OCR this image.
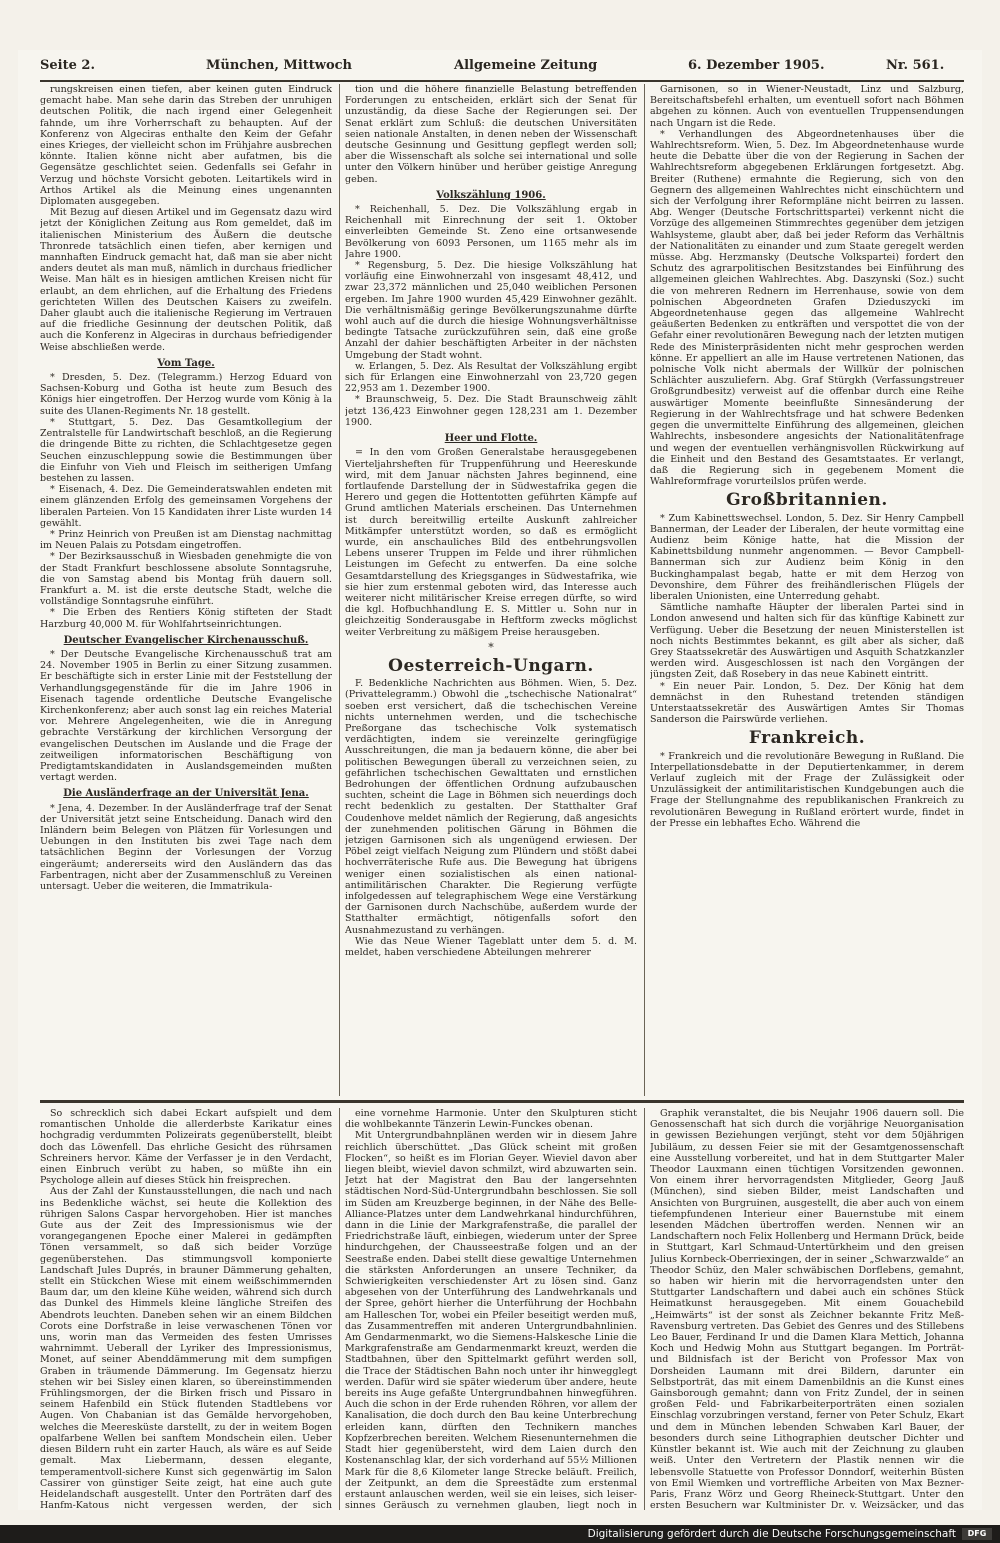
Seite 2.	München, Mittwoch	Allgemeine Zeitung	6. Dezember 1905.	Nr. 561.

rungskreisen einen tiefen, aber keinen guten Eindruck gemacht habe. Man sehe darin das Streben der unruhigen deutschen Politik, die nach irgend einer Gelegenheit fahnde, um ihre Vorherrschaft zu behaupten. Auf der Konferenz von Algeciras enthalte den Keim der Gefahr eines Krieges, der vielleicht schon im Frühjahre ausbrechen könnte. Italien könne nicht aber aufatmen, bis die Gegensätze geschlichtet seien. Gedenfalls sei Gefahr in Verzug und höchste Vorsicht geboten. Leitartikels wird in Arthos Artikel als die Meinung eines ungenannten Diplomaten ausgegeben.

Mit Bezug auf diesen Artikel und im Gegensatz dazu wird jetzt der Königlichen Zeitung aus Rom gemeldet, daß im italienischen Ministerium des Äußern die deutsche Thronrede tatsächlich einen tiefen, aber kernigen und mannhaften Eindruck gemacht hat, daß man sie aber nicht anders deutet als man muß, nämlich in durchaus friedlicher Weise. Man hält es in hiesigen amtlichen Kreisen nicht für erlaubt, an dem ehrlichen, auf die Erhaltung des Friedens gerichteten Willen des Deutschen Kaisers zu zweifeln. Daher glaubt auch die italienische Regierung im Vertrauen auf die friedliche Gesinnung der deutschen Politik, daß auch die Konferenz in Algeciras in durchaus befriedigender Weise abschließen werde.

Vom Tage.

* Dresden, 5. Dez. (Telegramm.) Herzog Eduard von Sachsen-Koburg und Gotha ist heute zum Besuch des Königs hier eingetroffen. Der Herzog wurde vom König à la suite des Ulanen-Regiments Nr. 18 gestellt.

* Stuttgart, 5. Dez. Das Gesamtkollegium der Zentralstelle für Landwirtschaft beschloß, an die Regierung die dringende Bitte zu richten, die Schlachtgesetze gegen Seuchen einzuschleppung sowie die Bestimmungen über die Einfuhr von Vieh und Fleisch im seitherigen Umfang bestehen zu lassen.

* Eisenach, 4. Dez. Die Gemeinderatswahlen endeten mit einem glänzenden Erfolg des gemeinsamen Vorgehens der liberalen Parteien. Von 15 Kandidaten ihrer Liste wurden 14 gewählt.

* Prinz Heinrich von Preußen ist am Dienstag nachmittag im Neuen Palais zu Potsdam eingetroffen.

* Der Bezirksausschuß in Wiesbaden genehmigte die von der Stadt Frankfurt beschlossene absolute Sonntagsruhe, die von Samstag abend bis Montag früh dauern soll. Frankfurt a. M. ist die erste deutsche Stadt, welche die vollständige Sonntagsruhe einführt.

* Die Erben des Rentiers König stifteten der Stadt Harzburg 40,000 M. für Wohlfahrtseinrichtungen.

Deutscher Evangelischer Kirchenausschuß.

* Der Deutsche Evangelische Kirchenausschuß trat am 24. November 1905 in Berlin zu einer Sitzung zusammen. Er beschäftigte sich in erster Linie mit der Feststellung der Verhandlungsgegenstände für die im Jahre 1906 in Eisenach tagende ordentliche Deutsche Evangelische Kirchenkonferenz; aber auch sonst lag ein reiches Material vor. Mehrere Angelegenheiten, wie die in Anregung gebrachte Verstärkung der kirchlichen Versorgung der evangelischen Deutschen im Auslande und die Frage der zeitweiligen informatorischen Beschäftigung von Predigtamtskandidaten in Auslandsgemeinden mußten vertagt werden.

Die Ausländerfrage an der Universität Jena.

* Jena, 4. Dezember. In der Ausländerfrage traf der Senat der Universität jetzt seine Entscheidung. Danach wird den Inländern beim Belegen von Plätzen für Vorlesungen und Uebungen in den Instituten bis zwei Tage nach dem tatsächlichen Beginn der Vorlesungen der Vorzug eingeräumt; andererseits wird den Ausländern das das Farbentragen, nicht aber der Zusammenschluß zu Vereinen untersagt. Ueber die weiteren, die Immatrikula-

tion und die höhere finanzielle Belastung betreffenden Forderungen zu entscheiden, erklärt sich der Senat für unzuständig, da diese Sache der Regierungen sei. Der Senat erklärt zum Schluß: die deutschen Universitäten seien nationale Anstalten, in denen neben der Wissenschaft deutsche Gesinnung und Gesittung gepflegt werden soll; aber die Wissenschaft als solche sei international und solle unter den Völkern hinüber und herüber geistige Anregung geben.

Volkszählung 1906.

* Reichenhall, 5. Dez. Die Volkszählung ergab in Reichenhall mit Einrechnung der seit 1. Oktober einverleibten Gemeinde St. Zeno eine ortsanwesende Bevölkerung von 6093 Personen, um 1165 mehr als im Jahre 1900.

* Regensburg, 5. Dez. Die hiesige Volkszählung hat vorläufig eine Einwohnerzahl von insgesamt 48,412, und zwar 23,372 männlichen und 25,040 weiblichen Personen ergeben. Im Jahre 1900 wurden 45,429 Einwohner gezählt. Die verhältnismäßig geringe Bevölkerungszunahme dürfte wohl auch auf die durch die hiesige Wohnungsverhältnisse bedingte Tatsache zurückzuführen sein, daß eine große Anzahl der dahier beschäftigten Arbeiter in der nächsten Umgebung der Stadt wohnt.

w. Erlangen, 5. Dez. Als Resultat der Volkszählung ergibt sich für Erlangen eine Einwohnerzahl von 23,720 gegen 22,953 am 1. Dezember 1900.

* Braunschweig, 5. Dez. Die Stadt Braunschweig zählt jetzt 136,423 Einwohner gegen 128,231 am 1. Dezember 1900.

Heer und Flotte.

= In den vom Großen Generalstabe herausgegebenen Vierteljahrsheften für Truppenführung und Heereskunde wird, mit dem Januar nächsten Jahres beginnend, eine fortlaufende Darstellung der in Südwestafrika gegen die Herero und gegen die Hottentotten geführten Kämpfe auf Grund amtlichen Materials erscheinen. Das Unternehmen ist durch bereitwillig erteilte Auskunft zahlreicher Mitkämpfer unterstützt worden, so daß es ermöglicht wurde, ein anschauliches Bild des entbehrungsvollen Lebens unserer Truppen im Felde und ihrer rühmlichen Leistungen im Gefecht zu entwerfen. Da eine solche Gesamtdarstellung des Kriegsganges in Südwestafrika, wie sie hier zum erstenmal geboten wird, das Interesse auch weiterer nicht militärischer Kreise erregen dürfte, so wird die kgl. Hofbuchhandlung E. S. Mittler u. Sohn nur in gleichzeitig Sonderausgabe in Heftform zwecks möglichst weiter Verbreitung zu mäßigem Preise herausgeben.

*
Oesterreich-Ungarn.

F. Bedenkliche Nachrichten aus Böhmen. Wien, 5. Dez. (Privattelegramm.) Obwohl die „tschechische Nationalrat“ soeben erst versichert, daß die tschechischen Vereine nichts unternehmen werden, und die tschechische Preßorgane das tschechische Volk systematisch verdächtigten, indem sie vereinzelte geringfügige Ausschreitungen, die man ja bedauern könne, die aber bei politischen Bewegungen überall zu verzeichnen seien, zu gefährlichen tschechischen Gewalttaten und ernstlichen Bedrohungen der öffentlichen Ordnung aufzubauschen suchten, scheint die Lage in Böhmen sich neuerdings doch recht bedenklich zu gestalten. Der Statthalter Graf Coudenhove meldet nämlich der Regierung, daß angesichts der zunehmenden politischen Gärung in Böhmen die jetzigen Garnisonen sich als ungenügend erwiesen. Der Pöbel zeigt vielfach Neigung zum Plündern und stößt dabei hochverräterische Rufe aus. Die Bewegung hat übrigens weniger einen sozialistischen als einen national-antimilitärischen Charakter. Die Regierung verfügte infolgedessen auf telegraphischem Wege eine Verstärkung der Garnisonen durch Nachschübe, außerdem wurde der Statthalter ermächtigt, nötigenfalls sofort den Ausnahmezustand zu verhängen.

Wie das Neue Wiener Tageblatt unter dem 5. d. M. meldet, haben verschiedene Abteilungen mehrerer

Garnisonen, so in Wiener-Neustadt, Linz und Salzburg, Bereitschaftsbefehl erhalten, um eventuell sofort nach Böhmen abgehen zu können. Auch von eventuellen Truppensendungen nach Ungarn ist die Rede.

* Verhandlungen des Abgeordnetenhauses über die Wahlrechtsreform. Wien, 5. Dez. Im Abgeordnetenhause wurde heute die Debatte über die von der Regierung in Sachen der Wahlrechtsreform abgegebenen Erklärungen fortgesetzt. Abg. Breiter (Ruthene) ermahnte die Regierung, sich von den Gegnern des allgemeinen Wahlrechtes nicht einschüchtern und sich der Verfolgung ihrer Reformpläne nicht beirren zu lassen. Abg. Wenger (Deutsche Fortschrittspartei) verkennt nicht die Vorzüge des allgemeinen Stimmrechtes gegenüber dem jetzigen Wahlsysteme, glaubt aber, daß bei jeder Reform das Verhältnis der Nationalitäten zu einander und zum Staate geregelt werden müsse. Abg. Herzmansky (Deutsche Volkspartei) fordert den Schutz des agrarpolitischen Besitzstandes bei Einführung des allgemeinen gleichen Wahlrechtes. Abg. Daszynski (Soz.) sucht die von mehreren Rednern im Herrenhause, sowie von dem polnischen Abgeordneten Grafen Dzieduszycki im Abgeordnetenhause gegen das allgemeine Wahlrecht geäußerten Bedenken zu entkräften und verspottet die von der Gefahr einer revolutionären Bewegung nach der letzten mutigen Rede des Ministerpräsidenten nicht mehr gesprochen werden könne. Er appelliert an alle im Hause vertretenen Nationen, das polnische Volk nicht abermals der Willkür der polnischen Schlächter auszuliefern. Abg. Graf Stürgkh (Verfassungstreuer Großgrundbesitz) verweist auf die offenbar durch eine Reihe auswärtiger Momente beeinflußte Sinnesänderung der Regierung in der Wahlrechtsfrage und hat schwere Bedenken gegen die unvermittelte Einführung des allgemeinen, gleichen Wahlrechts, insbesondere angesichts der Nationalitätenfrage und wegen der eventuellen verhängnisvollen Rückwirkung auf die Einheit und den Bestand des Gesamtstaates. Er verlangt, daß die Regierung sich in gegebenem Moment die Wahlreformfrage vorurteilslos prüfen werde.

Großbritannien.

* Zum Kabinettswechsel. London, 5. Dez. Sir Henry Campbell Bannerman, der Leader der Liberalen, der heute vormittag eine Audienz beim Könige hatte, hat die Mission der Kabinettsbildung nunmehr angenommen. — Bevor Campbell-Bannerman sich zur Audienz beim König in den Buckinghampalast begab, hatte er mit dem Herzog von Devonshire, dem Führer des freihändlerischen Flügels der liberalen Unionisten, eine Unterredung gehabt.

Sämtliche namhafte Häupter der liberalen Partei sind in London anwesend und halten sich für das künftige Kabinett zur Verfügung. Ueber die Besetzung der neuen Ministerstellen ist noch nichts Bestimmtes bekannt, es gilt aber als sicher, daß Grey Staatssekretär des Auswärtigen und Asquith Schatzkanzler werden wird. Ausgeschlossen ist nach den Vorgängen der jüngsten Zeit, daß Rosebery in das neue Kabinett eintritt.

* Ein neuer Pair. London, 5. Dez. Der König hat dem demnächst in den Ruhestand tretenden ständigen Unterstaatssekretär des Auswärtigen Amtes Sir Thomas Sanderson die Pairswürde verliehen.

Frankreich.

* Frankreich und die revolutionäre Bewegung in Rußland. Die Interpellationsdebatte in der Deputiertenkammer, in derem Verlauf zugleich mit der Frage der Zulässigkeit oder Unzulässigkeit der antimilitaristischen Kundgebungen auch die Frage der Stellungnahme des republikanischen Frankreich zu revolutionären Bewegung in Rußland erörtert wurde, findet in der Presse ein lebhaftes Echo. Während die

So schrecklich sich dabei Eckart aufspielt und dem romantischen Unholde die allerderbste Karikatur eines hochgradig verdummten Polizeirats gegenüberstellt, bleibt doch das Löwenfell. Das ehrliche Gesicht des rührsamen Schreiners hervor. Käme der Verfasser je in den Verdacht, einen Einbruch verübt zu haben, so müßte ihn ein Psychologe allein auf dieses Stück hin freisprechen.

Aus der Zahl der Kunstausstellungen, die nach und nach ins Bedenkliche wächst, sei heute die Kollektion des rührigen Salons Caspar hervorgehoben. Hier ist manches Gute aus der Zeit des Impressionismus wie der vorangegangenen Epoche einer Malerei in gedämpften Tönen versammelt, so daß sich beider Vorzüge gegenüberstehen. Das stimmungsvoll komponierte Landschaft Jules Duprés, in brauner Dämmerung gehalten, stellt ein Stückchen Wiese mit einem weißschimmernden Baum dar, um den kleine Kühe weiden, während sich durch das Dunkel des Himmels kleine längliche Streifen des Abendrots leuchten. Daneben sehen wir an einem Bildchen Corots eine Dorfstraße in leise verwaschenen Tönen vor uns, worin man das Vermeiden des festen Umrisses wahrnimmt. Ueberall der Lyriker des Impressionismus, Monet, auf seiner Abenddämmerung mit dem sumpfigen Graben in träumende Dämmerung. Im Gegensatz hierzu stehen wir bei Sisley einen klaren, so übereinstimmenden Frühlingsmorgen, der die Birken frisch und Pissaro in seinem Hafenbild ein Stück flutenden Stadtlebens vor Augen. Von Chabanian ist das Gemälde hervorgehoben, welches die Meeresküste darstellt, zu der in weitem Bogen opalfarbene Wellen bei sanftem Mondschein eilen. Ueber diesen Bildern ruht ein zarter Hauch, als wäre es auf Seide gemalt. Max Liebermann, dessen elegante, temperamentvoll-sichere Kunst sich gegenwärtig im Salon Cassirer von günstiger Seite zeigt, hat eine auch gute Heidelandschaft ausgestellt. Unter den Porträten darf des Hanfm-Katous nicht vergessen werden, der sich

eine vornehme Harmonie. Unter den Skulpturen sticht die wohlbekannte Tänzerin Lewin-Funckes obenan.

Mit Untergrundbahnplänen werden wir in diesem Jahre reichlich überschüttet. „Das Glück scheint mit großen Flocken“, so heißt es im Florian Geyer. Wieviel davon aber liegen bleibt, wieviel davon schmilzt, wird abzuwarten sein. Jetzt hat der Magistrat den Bau der langersehnten städtischen Nord-Süd-Untergrundbahn beschlossen. Sie soll im Süden am Kreuzberge beginnen, in der Nähe des Belle-Alliance-Platzes unter dem Landwehrkanal hindurchführen, dann in die Linie der Markgrafenstraße, die parallel der Friedrichstraße läuft, einbiegen, wiederum unter der Spree hindurchgehen, der Chausseestraße folgen und an der Seestraße enden. Dabei stellt diese gewaltige Unternehmen die stärksten Anforderungen an unsere Techniker, da Schwierigkeiten verschiedenster Art zu lösen sind. Ganz abgesehen von der Unterführung des Landwehrkanals und der Spree, gehört hierher die Unterführung der Hochbahn am Halleschen Tor, wobei ein Pfeiler beseitigt werden muß, das Zusammentreffen mit anderen Untergrundbahnlinien. Am Gendarmenmarkt, wo die Siemens-Halskesche Linie die Markgrafenstraße am Gendarmenmarkt kreuzt, werden die Stadtbahnen, über den Spittelmarkt geführt werden soll, die Trace der Städtischen Bahn noch unter ihr hinwegglegt werden. Dafür wird sie später wiederum über andere, heute bereits ins Auge gefaßte Untergrundbahnen hinwegführen. Auch die schon in der Erde ruhenden Röhren, vor allem der Kanalisation, die doch durch den Bau keine Unterbrechung erleiden kann, dürften den Technikern manches Kopfzerbrechen bereiten. Welchem Riesenunternehmen die Stadt hier gegenübersteht, wird dem Laien durch den Kostenanschlag klar, der sich vorderhand auf 55½ Millionen Mark für die 8,6 Kilometer lange Strecke beläuft. Freilich, der Zeitpunkt, an dem die Spreestädte zum erstenmal erstaunt anlauschen werden, weil sie ein leises, sich leiser-sinnes Geräusch zu vernehmen glauben, liegt noch in

Graphik veranstaltet, die bis Neujahr 1906 dauern soll. Die Genossenschaft hat sich durch die vorjährige Neuorganisation in gewissen Beziehungen verjüngt, steht vor dem 50jährigen Jubiläum, zu dessen Feier sie mit der Gesamtgenossenschaft eine Ausstellung vorbereitet, und hat in dem Stuttgarter Maler Theodor Lauxmann einen tüchtigen Vorsitzenden gewonnen. Von einem ihrer hervorragendsten Mitglieder, Georg Jauß (München), sind sieben Bilder, meist Landschaften und Ansichten von Burgruinen, ausgestellt, die aber auch von einem tiefempfundenen Interieur einer Bauernstube mit einem lesenden Mädchen übertroffen werden. Nennen wir an Landschaftern noch Felix Hollenberg und Hermann Drück, beide in Stuttgart, Karl Schmaud-Untertürkheim und den greisen Julius Kornbeck-Oberriexingen, der in seiner „Schwarzwalde“ an Theodor Schüz, den Maler schwäbischen Dorflebens, gemahnt, so haben wir hierin mit die hervorragendsten unter den Stuttgarter Landschaftern und dabei auch ein schönes Stück Heimatkunst herausgegeben. Mit einem Gouachebild „Heimwärts“ ist der sonst als Zeichner bekannte Fritz Meß-Ravensburg vertreten. Das Gebiet des Genres und des Stillebens Leo Bauer, Ferdinand Ir und die Damen Klara Mettich, Johanna Koch und Hedwig Mohn aus Stuttgart begangen. Im Porträt- und Bildnisfach ist der Bericht von Professor Max von Dorsheiden Laumann mit drei Bildern, darunter ein Selbstporträt, das mit einem Damenbildnis an die Kunst eines Gainsborough gemahnt; dann von Fritz Zundel, der in seinen großen Feld- und Fabrikarbeiterporträten einen sozialen Einschlag vorzubringen verstand, ferner von Peter Schulz, Ekart und dem in München lebenden Schwaben Karl Bauer, der besonders durch seine Lithographien deutscher Dichter und Künstler bekannt ist. Wie auch mit der Zeichnung zu glauben weiß. Unter den Vertretern der Plastik nennen wir die lebensvolle Statuette von Professor Donndorf, weiterhin Büsten von Emil Wiemken und vortreffliche Arbeiten von Max Bezner-Paris, Franz Wörz und Georg Rheineck-Stuttgart. Unter den ersten Besuchern war Kultminister Dr. v. Weizsäcker, und das

Digitalisierung gefördert durch die Deutsche Forschungsgemeinschaft	DFG
